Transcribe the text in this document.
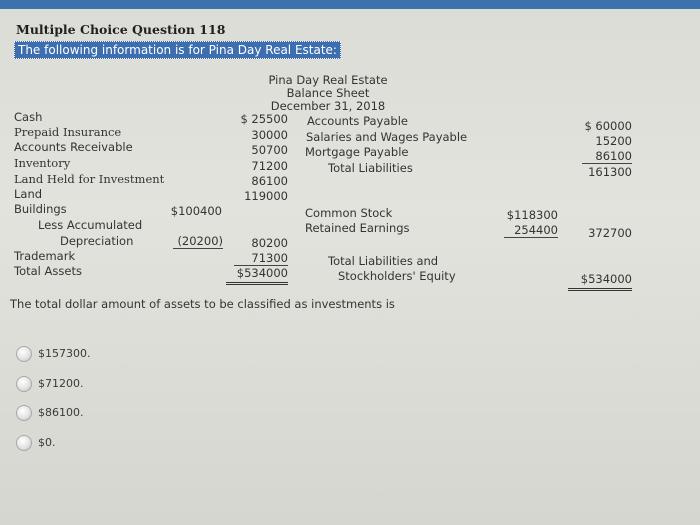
Multiple Choice Question 118
The following information is for Pina Day Real Estate:
Pina Day Real Estate
Balance Sheet
December 31, 2018
Cash
Prepaid Insurance
Accounts Receivable
Inventory
Land Held for Investment
Land
Buildings
Less Accumulated
Depreciation
Trademark
Total Assets
$100400
(20200)
$ 25500
30000
50700
71200
86100
119000
80200
71300
$534000
Accounts Payable
Salaries and Wages Payable
Mortgage Payable
Total Liabilities
$ 60000
15200
86100
161300
Common Stock
Retained Earnings
$118300
254400	372700
Total Liabilities and
Stockholders' Equity	$534000
The total dollar amount of assets to be classified as investments is
$157300.
$71200.
$86100.
$0.
